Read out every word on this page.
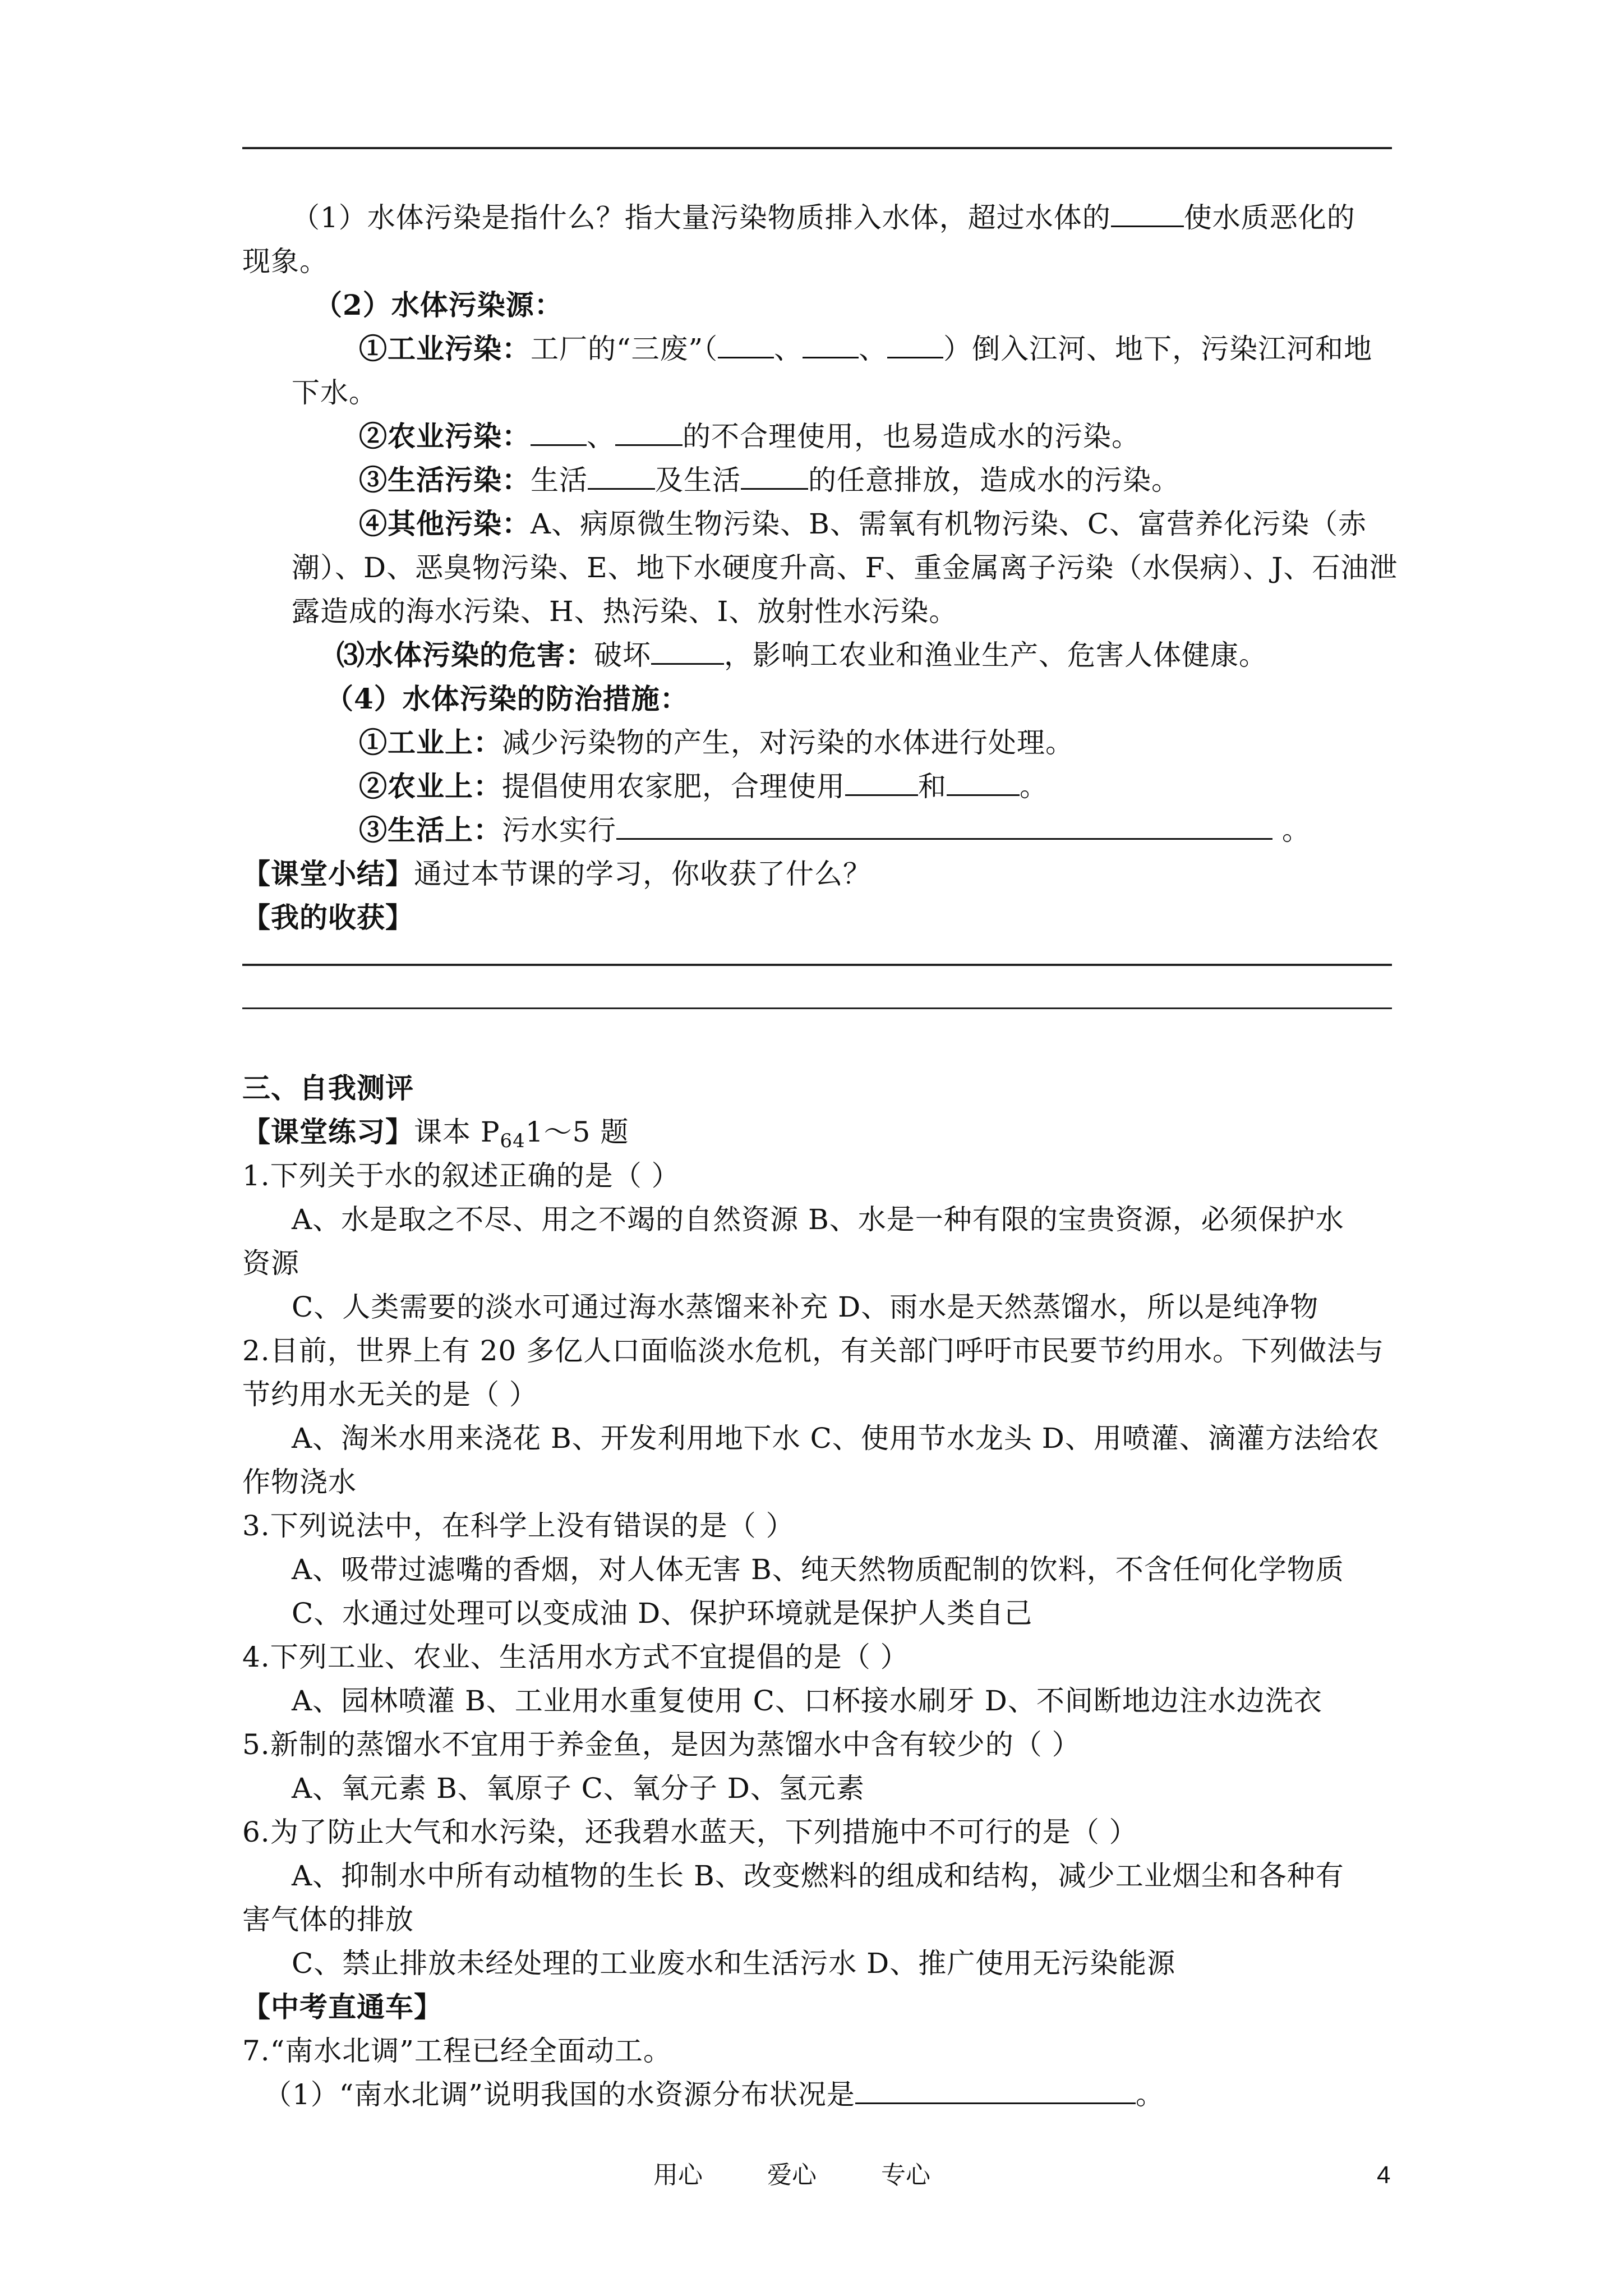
（1）水体污染是指什么？指大量污染物质排入水体，超过水体的	使水质恶化的
现象。
（2）水体污染源：
①工业污染：工厂的“三废”（ 、 、 ）倒入江河、地下，污染江河和地
下水。
②农业污染： 、 的不合理使用，也易造成水的污染。
③生活污染：生活 及生活 的任意排放，造成水的污染。
④其他污染：A、病原微生物污染、B、需氧有机物污染、C、富营养化污染（赤
潮）、D、恶臭物污染、E、地下水硬度升高、F、重金属离子污染（水俣病）、J、石油泄
露造成的海水污染、H、热污染、I、放射性水污染。
⑶水体污染的危害：破坏	，影响工农业和渔业生产、危害人体健康。
（4）水体污染的防治措施：
①工业上：减少污染物的产生，对污染的水体进行处理。
②农业上：提倡使用农家肥，合理使用	和	。
③生活上：污水实行	。
【课堂小结】通过本节课的学习，你收获了什么？
【我的收获】
三、自我测评
【课堂练习】课本 $P_{64}1\sim 5$ 题
1.下列关于水的叙述正确的是（ ）
A、水是取之不尽、用之不竭的自然资源 B、水是一种有限的宝贵资源，必须保护水
资源
C、人类需要的淡水可通过海水蒸馏来补充 D、雨水是天然蒸馏水，所以是纯净物
2.目前，世界上有 20 多亿人口面临淡水危机，有关部门呼吁市民要节约用水。下列做法与
节约用水无关的是（ ）
A、淘米水用来浇花 B、开发利用地下水 C、使用节水龙头 D、用喷灌、滴灌方法给农
作物浇水
3.下列说法中，在科学上没有错误的是（ ）
A、吸带过滤嘴的香烟，对人体无害 B、纯天然物质配制的饮料，不含任何化学物质
C、水通过处理可以变成油 D、保护环境就是保护人类自己
4.下列工业、农业、生活用水方式不宜提倡的是（ ）
A、园林喷灌 B、工业用水重复使用 C、口杯接水刷牙 D、不间断地边注水边洗衣
5.新制的蒸馏水不宜用于养金鱼，是因为蒸馏水中含有较少的（ ）
A、氧元素 B、氧原子 C、氧分子 D、氢元素
6.为了防止大气和水污染，还我碧水蓝天，下列措施中不可行的是（ ）
A、抑制水中所有动植物的生长 B、改变燃料的组成和结构，减少工业烟尘和各种有
害气体的排放
C、禁止排放未经处理的工业废水和生活污水 D、推广使用无污染能源
【中考直通车】
7.“南水北调”工程已经全面动工。
（1）“南水北调”说明我国的水资源分布状况是	。
用心	爱心	专心	4
